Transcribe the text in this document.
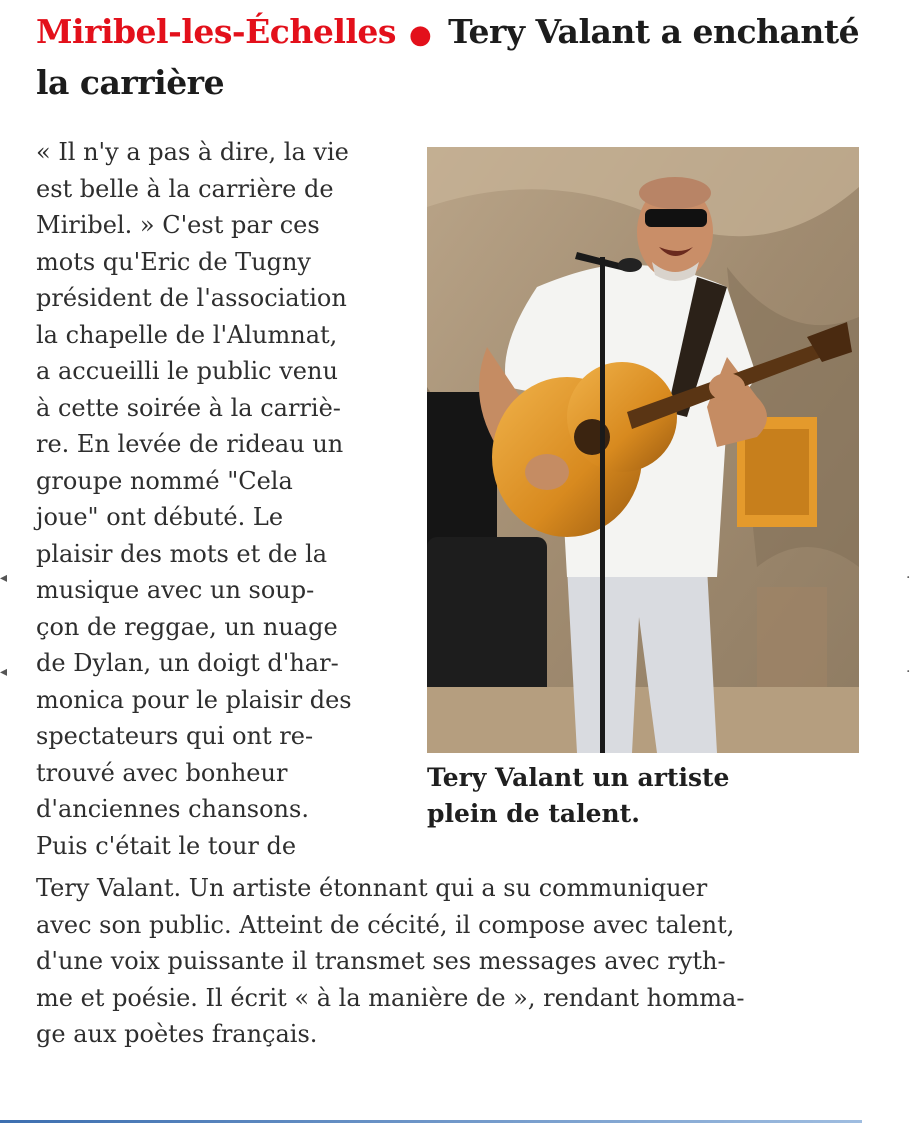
Miribel-les-Échelles ● Tery Valant a enchanté
la carrière
« Il n'y a pas à dire, la vie
est belle à la carrière de
Miribel. » C'est par ces
mots qu'Eric de Tugny
président de l'association
la chapelle de l'Alumnat,
a accueilli le public venu
à cette soirée à la carriè-
re. En levée de rideau un
groupe nommé "Cela
joue" ont débuté. Le
plaisir des mots et de la
musique avec un soup-
çon de reggae, un nuage
de Dylan, un doigt d'har-
monica pour le plaisir des
spectateurs qui ont re-
trouvé avec bonheur
d'anciennes chansons.
Puis c'était le tour de
Tery Valant un artiste
plein de talent.
Tery Valant. Un artiste étonnant qui a su communiquer
avec son public. Atteint de cécité, il compose avec talent,
d'une voix puissante il transmet ses messages avec ryth-
me et poésie. Il écrit « à la manière de », rendant homma-
ge aux poètes français.
◂
◂
·
·
